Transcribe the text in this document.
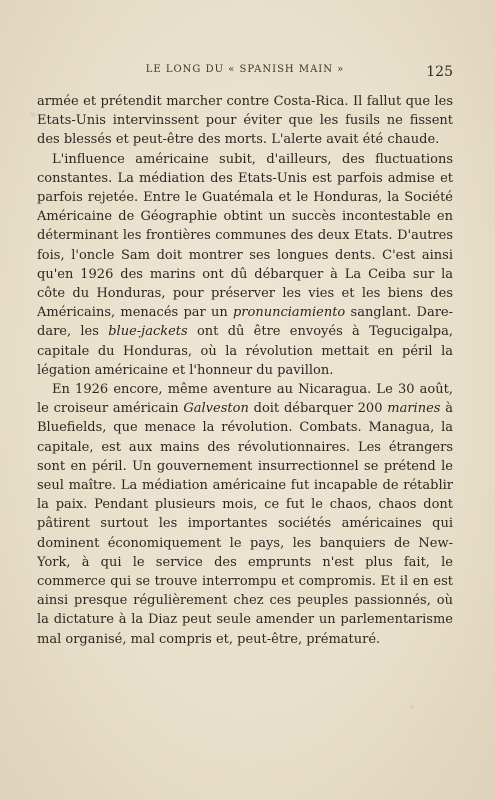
LE LONG DU « SPANISH MAIN »	125

armée et prétendit marcher contre Costa-Rica. Il fallut que les Etats-Unis intervinssent pour éviter que les fusils ne fissent des blessés et peut-être des morts. L'alerte avait été chaude.

L'influence américaine subit, d'ailleurs, des fluctuations constantes. La médiation des Etats-Unis est parfois admise et parfois rejetée. Entre le Guatémala et le Honduras, la Société Américaine de Géographie obtint un succès incontestable en déterminant les frontières communes des deux Etats. D'autres fois, l'oncle Sam doit montrer ses longues dents. C'est ainsi qu'en 1926 des marins ont dû débarquer à La Ceiba sur la côte du Honduras, pour préserver les vies et les biens des Américains, menacés par un pronunciamiento sanglant. Dare-dare, les blue-jackets ont dû être envoyés à Tegucigalpa, capitale du Honduras, où la révolution mettait en péril la légation américaine et l'honneur du pavillon.

En 1926 encore, même aventure au Nicaragua. Le 30 août, le croiseur américain Galveston doit débarquer 200 marines à Bluefields, que menace la révolution. Combats. Managua, la capitale, est aux mains des révolutionnaires. Les étrangers sont en péril. Un gouvernement insurrectionnel se prétend le seul maître. La médiation américaine fut incapable de rétablir la paix. Pendant plusieurs mois, ce fut le chaos, chaos dont pâtirent surtout les importantes sociétés américaines qui dominent économiquement le pays, les banquiers de New-York, à qui le service des emprunts n'est plus fait, le commerce qui se trouve interrompu et compromis. Et il en est ainsi presque régulièrement chez ces peuples passionnés, où la dictature à la Diaz peut seule amender un parlementarisme mal organisé, mal compris et, peut-être, prématuré.
